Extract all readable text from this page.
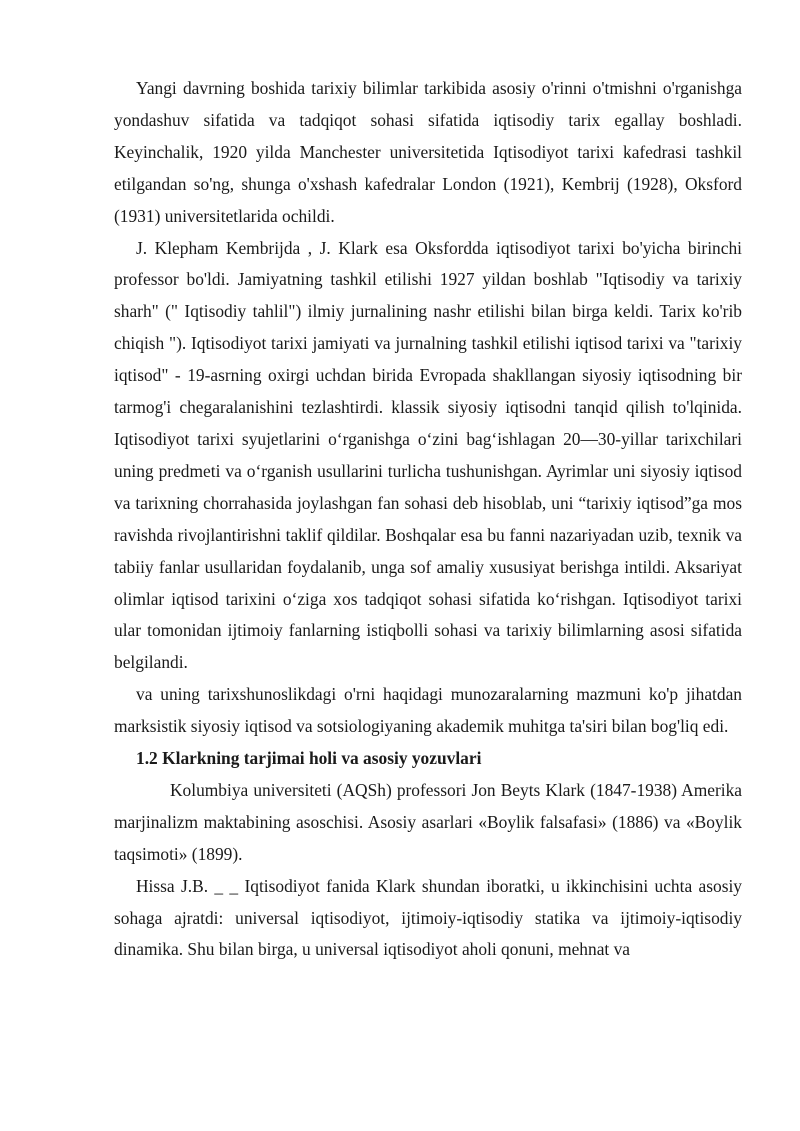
Yangi davrning boshida tarixiy bilimlar tarkibida asosiy o'rinni o'tmishni o'rganishga yondashuv sifatida va tadqiqot sohasi sifatida iqtisodiy tarix egallay boshladi. Keyinchalik, 1920 yilda Manchester universitetida Iqtisodiyot tarixi kafedrasi tashkil etilgandan so'ng, shunga o'xshash kafedralar London (1921), Kembrij (1928), Oksford (1931) universitetlarida ochildi.

J. Klepham Kembrijda , J. Klark esa Oksfordda iqtisodiyot tarixi bo'yicha birinchi professor bo'ldi. Jamiyatning tashkil etilishi 1927 yildan boshlab "Iqtisodiy va tarixiy sharh" (" Iqtisodiy tahlil") ilmiy jurnalining nashr etilishi bilan birga keldi. Tarix ko'rib chiqish "). Iqtisodiyot tarixi jamiyati va jurnalning tashkil etilishi iqtisod tarixi va "tarixiy iqtisod" - 19-asrning oxirgi uchdan birida Evropada shakllangan siyosiy iqtisodning bir tarmog'i chegaralanishini tezlashtirdi. klassik siyosiy iqtisodni tanqid qilish to'lqinida. Iqtisodiyot tarixi syujetlarini o‘rganishga o‘zini bag‘ishlagan 20—30-yillar tarixchilari uning predmeti va o‘rganish usullarini turlicha tushunishgan. Ayrimlar uni siyosiy iqtisod va tarixning chorrahasida joylashgan fan sohasi deb hisoblab, uni “tarixiy iqtisod”ga mos ravishda rivojlantirishni taklif qildilar. Boshqalar esa bu fanni nazariyadan uzib, texnik va tabiiy fanlar usullaridan foydalanib, unga sof amaliy xususiyat berishga intildi. Aksariyat olimlar iqtisod tarixini o‘ziga xos tadqiqot sohasi sifatida ko‘rishgan. Iqtisodiyot tarixi ular tomonidan ijtimoiy fanlarning istiqbolli sohasi va tarixiy bilimlarning asosi sifatida belgilandi.

va uning tarixshunoslikdagi o'rni haqidagi munozaralarning mazmuni ko'p jihatdan marksistik siyosiy iqtisod va sotsiologiyaning akademik muhitga ta'siri bilan bog'liq edi.

1.2 Klarkning tarjimai holi va asosiy yozuvlari

Kolumbiya universiteti (AQSh) professori Jon Beyts Klark (1847-1938) Amerika marjinalizm maktabining asoschisi. Asosiy asarlari «Boylik falsafasi» (1886) va «Boylik taqsimoti» (1899).

Hissa J.B. _ _ Iqtisodiyot fanida Klark shundan iboratki, u ikkinchisini uchta asosiy sohaga ajratdi: universal iqtisodiyot, ijtimoiy-iqtisodiy statika va ijtimoiy-iqtisodiy dinamika. Shu bilan birga, u universal iqtisodiyot aholi qonuni, mehnat va
